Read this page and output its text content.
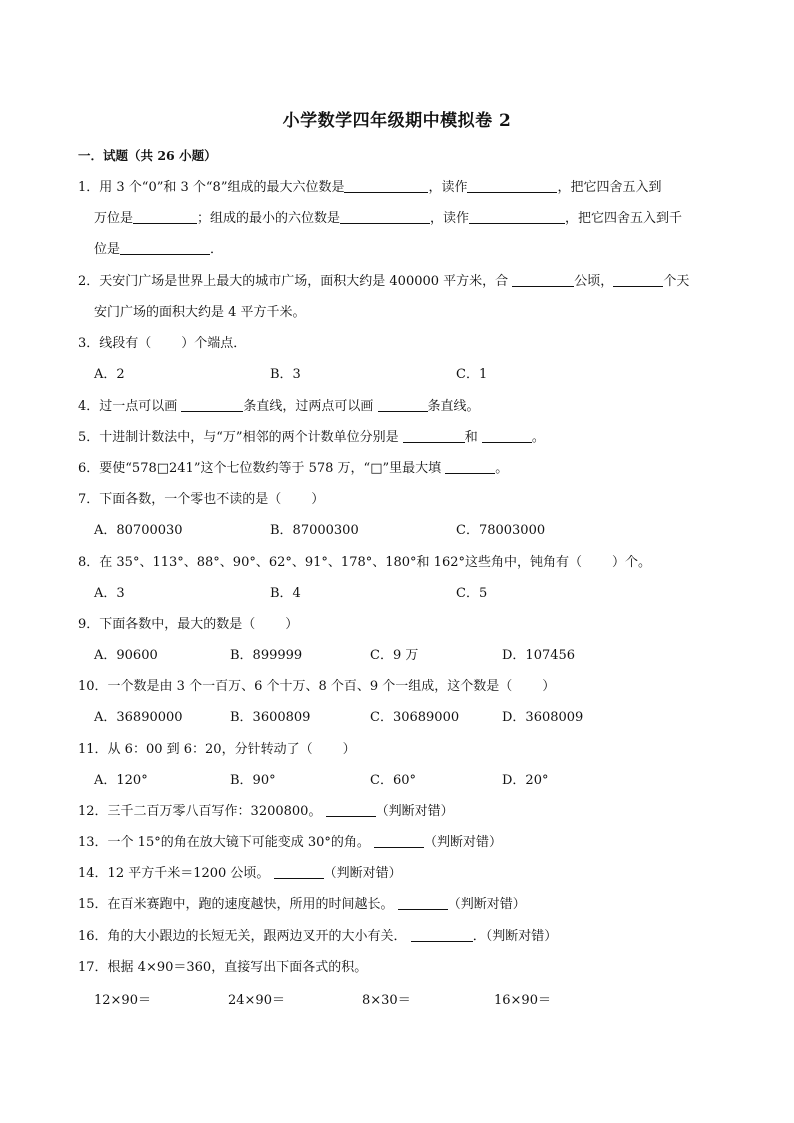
小学数学四年级期中模拟卷 2
一．试题（共 26 小题）
1．用 3 个“0”和 3 个“8”组成的最大六位数是	，读作	，把它四舍五入到
万位是	；组成的最小的六位数是	，读作	，把它四舍五入到千
位是	．
2．天安门广场是世界上最大的城市广场，面积大约是 400000 平方米，合	公顷，	个天
安门广场的面积大约是 4 平方千米。
3．线段有（ ）个端点．
A．2	B．3	C．1
4．过一点可以画	条直线，过两点可以画	条直线。
5．十进制计数法中，与“万”相邻的两个计数单位分别是	和	。
6．要使“578□241”这个七位数约等于 578 万，“□”里最大填	。
7．下面各数，一个零也不读的是（ ）
A．80700030	B．87000300	C．78003000
8．在 35°、113°、88°、90°、62°、91°、178°、180°和 162°这些角中，钝角有（ ）个。
A．3	B．4	C．5
9．下面各数中，最大的数是（ ）
A．90600	B．899999	C．9 万	D．107456
10．一个数是由 3 个一百万、6 个十万、8 个百、9 个一组成，这个数是（ ）
A．36890000	B．3600809	C．30689000	D．3608009
11．从 6：00 到 6：20，分针转动了（ ）
A．120°	B．90°	C．60°	D．20°
12．三千二百万零八百写作：3200800。	（判断对错）
13．一个 15°的角在放大镜下可能变成 30°的角。	（判断对错）
14．12 平方千米＝1200 公顷。	（判断对错）
15．在百米赛跑中，跑的速度越快，所用的时间越长。	（判断对错）
16．角的大小跟边的长短无关，跟两边叉开的大小有关．	．（判断对错）
17．根据 4×90＝360，直接写出下面各式的积。
12×90＝	24×90＝	8×30＝	16×90＝
